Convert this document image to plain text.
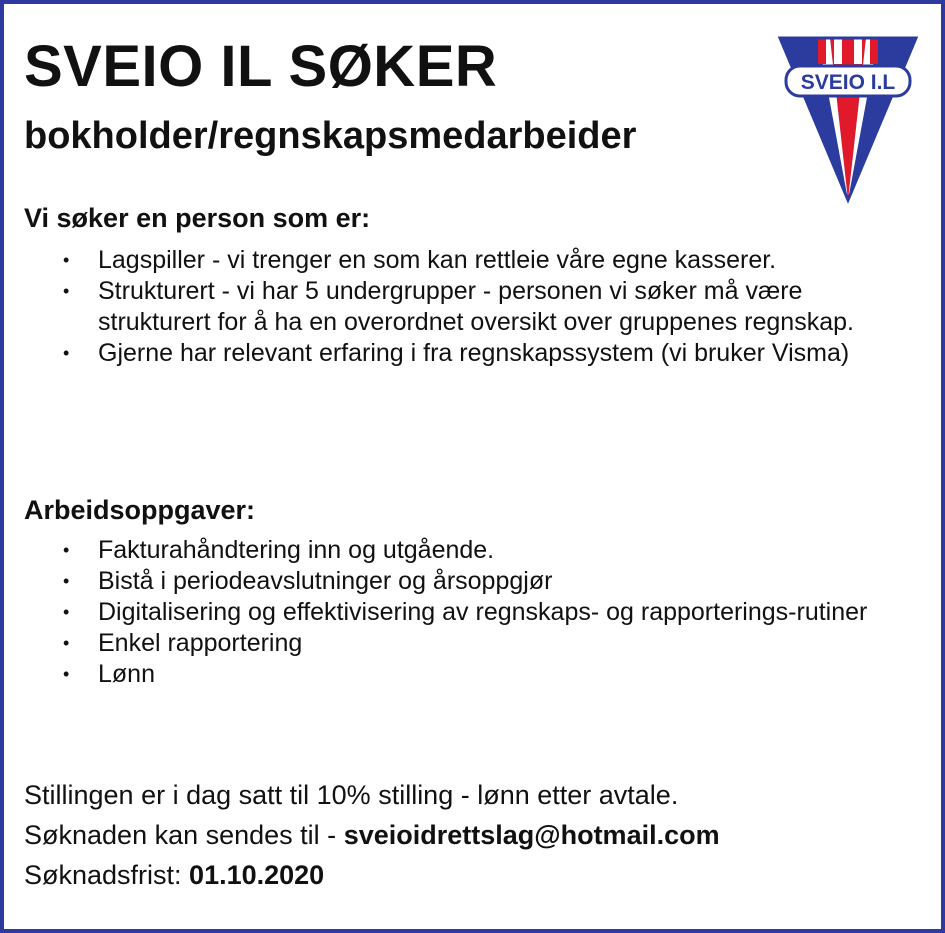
SVEIO IL SØKER
bokholder/regnskapsmedarbeider
SVEIO I.L
Vi søker en person som er:
• Lagspiller - vi trenger en som kan rettleie våre egne kasserer.
• Strukturert - vi har 5 undergrupper - personen vi søker må være strukturert for å ha en overordnet oversikt over gruppenes regnskap.
• Gjerne har relevant erfaring i fra regnskapssystem (vi bruker Visma)
Arbeidsoppgaver:
• Fakturahåndtering inn og utgående.
• Bistå i periodeavslutninger og årsoppgjør
• Digitalisering og effektivisering av regnskaps- og rapporterings-rutiner
• Enkel rapportering
• Lønn

Stillingen er i dag satt til 10% stilling - lønn etter avtale.

Søknaden kan sendes til - sveioidrettslag@hotmail.com

Søknadsfrist: 01.10.2020
